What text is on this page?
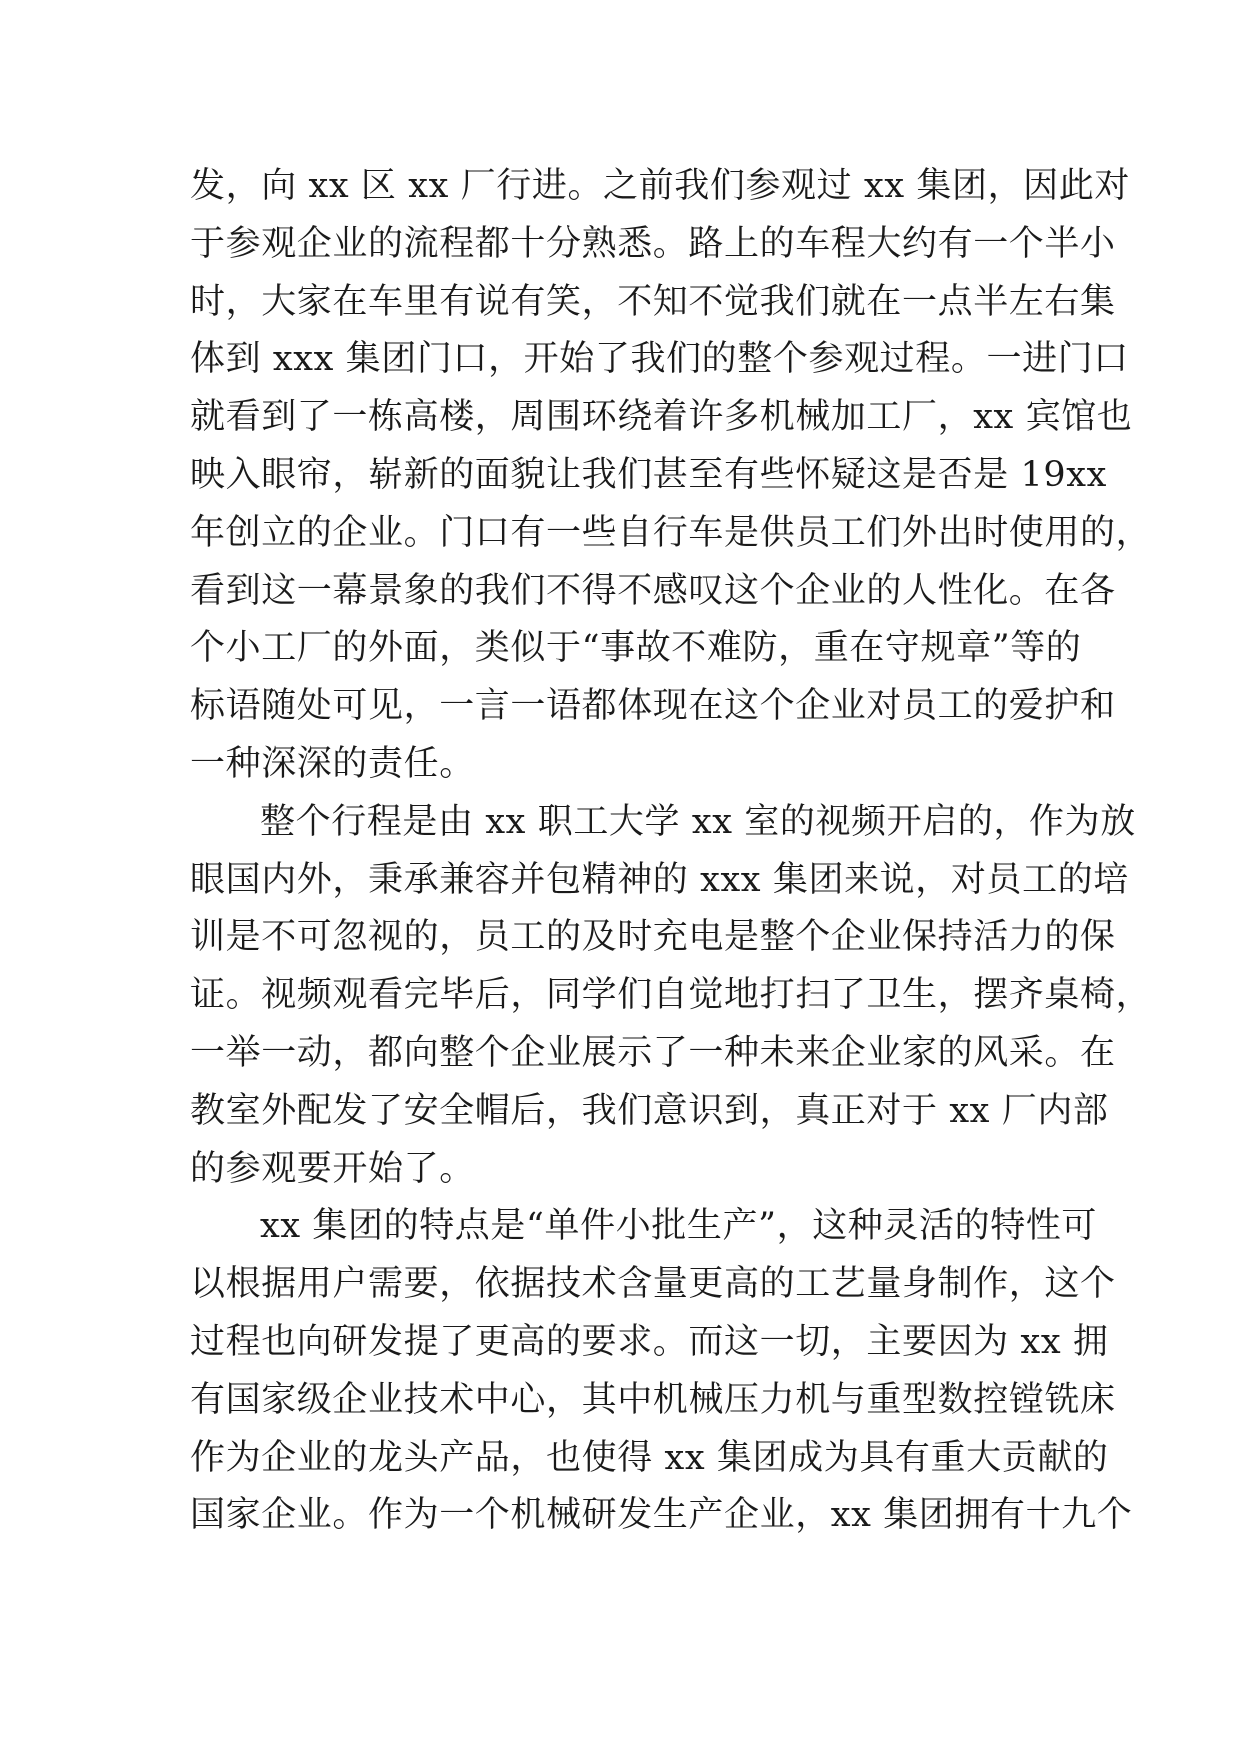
发，向 xx 区 xx 厂行进。之前我们参观过 xx 集团，因此对
于参观企业的流程都十分熟悉。路上的车程大约有一个半小
时，大家在车里有说有笑，不知不觉我们就在一点半左右集
体到 xxx 集团门口，开始了我们的整个参观过程。一进门口
就看到了一栋高楼，周围环绕着许多机械加工厂，xx 宾馆也
映入眼帘，崭新的面貌让我们甚至有些怀疑这是否是 19xx
年创立的企业。门口有一些自行车是供员工们外出时使用的，
看到这一幕景象的我们不得不感叹这个企业的人性化。在各
个小工厂的外面，类似于“事故不难防，重在守规章”等的
标语随处可见，一言一语都体现在这个企业对员工的爱护和
一种深深的责任。
整个行程是由 xx 职工大学 xx 室的视频开启的，作为放
眼国内外，秉承兼容并包精神的 xxx 集团来说，对员工的培
训是不可忽视的，员工的及时充电是整个企业保持活力的保
证。视频观看完毕后，同学们自觉地打扫了卫生，摆齐桌椅，
一举一动，都向整个企业展示了一种未来企业家的风采。在
教室外配发了安全帽后，我们意识到，真正对于 xx 厂内部
的参观要开始了。
xx 集团的特点是“单件小批生产”，这种灵活的特性可
以根据用户需要，依据技术含量更高的工艺量身制作，这个
过程也向研发提了更高的要求。而这一切，主要因为 xx 拥
有国家级企业技术中心，其中机械压力机与重型数控镗铣床
作为企业的龙头产品，也使得 xx 集团成为具有重大贡献的
国家企业。作为一个机械研发生产企业，xx 集团拥有十九个
